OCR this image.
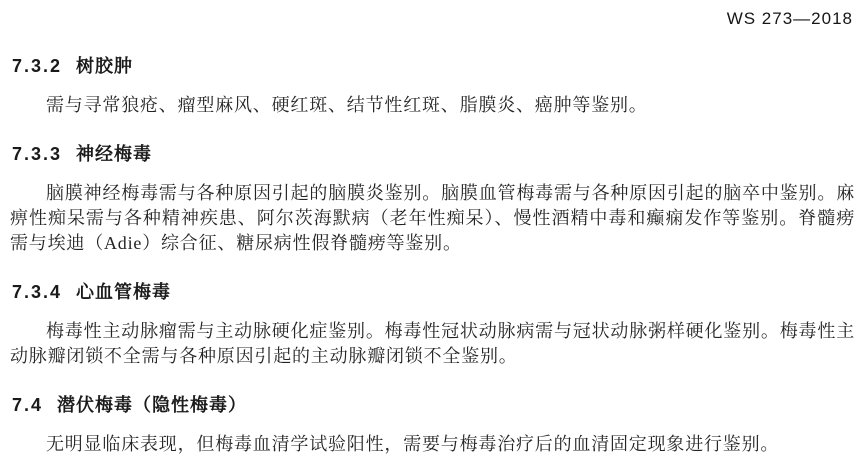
WS 273—2018
7.3.2 树胶肿

需与寻常狼疮、瘤型麻风、硬红斑、结节性红斑、脂膜炎、癌肿等鉴别。

7.3.3 神经梅毒

脑膜神经梅毒需与各种原因引起的脑膜炎鉴别。脑膜血管梅毒需与各种原因引起的脑卒中鉴别。麻痹性痴呆需与各种精神疾患、阿尔茨海默病（老年性痴呆）、慢性酒精中毒和癫痫发作等鉴别。脊髓痨需与埃迪（Adie）综合征、糖尿病性假脊髓痨等鉴别。

7.3.4 心血管梅毒

梅毒性主动脉瘤需与主动脉硬化症鉴别。梅毒性冠状动脉病需与冠状动脉粥样硬化鉴别。梅毒性主动脉瓣闭锁不全需与各种原因引起的主动脉瓣闭锁不全鉴别。

7.4 潜伏梅毒（隐性梅毒）

无明显临床表现，但梅毒血清学试验阳性，需要与梅毒治疗后的血清固定现象进行鉴别。
